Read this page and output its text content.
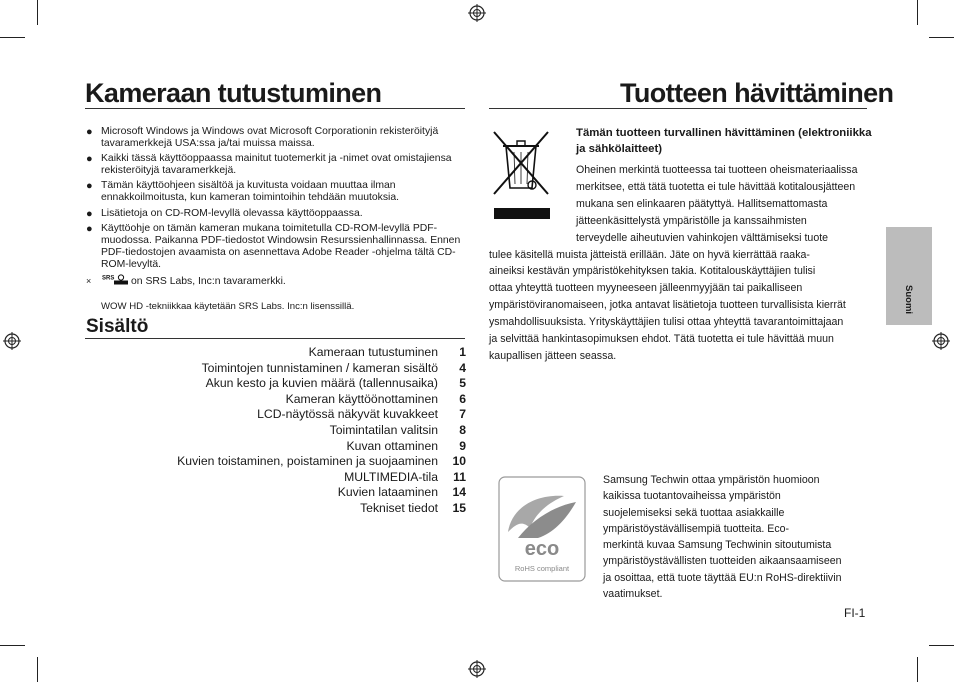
Kameraan tutustuminen
● Microsoft Windows ja Windows ovat Microsoft Corporationin rekisteröityjä tavaramerkkejä USA:ssa ja/tai muissa maissa.
● Kaikki tässä käyttöoppaassa mainitut tuotemerkit ja -nimet ovat omistajiensa rekisteröityjä tavaramerkkejä.
● Tämän käyttöohjeen sisältöä ja kuvitusta voidaan muuttaa ilman ennakkoilmoitusta, kun kameran toimintoihin tehdään muutoksia.
● Lisätietoja on CD-ROM-levyllä olevassa käyttöoppaassa.
● Käyttöohje on tämän kameran mukana toimitetulla CD-ROM-levyllä PDF-muodossa. Paikanna PDF-tiedostot Windowsin Resurssienhallinnassa. Ennen PDF-tiedostojen avaamista on asennettava Adobe Reader -ohjelma tältä CD-ROM-levyltä.
× SRS on SRS Labs, Inc:n tavaramerkki.
WOW HD -tekniikkaa käytetään SRS Labs. Inc:n lisenssillä.
Sisältö
Kameraan tutustuminen	1
Toimintojen tunnistaminen / kameran sisältö	4
Akun kesto ja kuvien määrä (tallennusaika)	5
Kameran käyttöönottaminen	6
LCD-näytössä näkyvät kuvakkeet	7
Toimintatilan valitsin	8
Kuvan ottaminen	9
Kuvien toistaminen, poistaminen ja suojaaminen	10
MULTIMEDIA-tila	11
Kuvien lataaminen	14
Tekniset tiedot	15
Tuotteen hävittäminen
Tämän tuotteen turvallinen hävittäminen (elektroniikka ja sähkölaitteet)
Oheinen merkintä tuotteessa tai tuotteen oheismateriaalissa
merkitsee, että tätä tuotetta ei tule hävittää kotitalousjätteen
mukana sen elinkaaren päätyttyä. Hallitsemattomasta
jätteenkäsittelystä ympäristölle ja kanssaihmisten
terveydelle aiheutuvien vahinkojen välttämiseksi tuote
tulee käsitellä muista jätteistä erillään. Jäte on hyvä kierrättää raaka-
aineiksi kestävän ympäristökehityksen takia. Kotitalouskäyttäjien tulisi
ottaa yhteyttä tuotteen myyneeseen jälleenmyyjään tai paikalliseen
ympäristöviranomaiseen, jotka antavat lisätietoja tuotteen turvallisista kierrät
ysmahdollisuuksista. Yrityskäyttäjien tulisi ottaa yhteyttä tavarantoimittajaan
ja selvittää hankintasopimuksen ehdot. Tätä tuotetta ei tule hävittää muun
kaupallisen jätteen seassa.
Suomi
eco
RoHS compliant
Samsung Techwin ottaa ympäristön huomioon
kaikissa tuotantovaiheissa ympäristön
suojelemiseksi sekä tuottaa asiakkaille
ympäristöystävällisempiä tuotteita. Eco-
merkintä kuvaa Samsung Techwinin sitoutumista
ympäristöystävällisten tuotteiden aikaansaamiseen
ja osoittaa, että tuote täyttää EU:n RoHS-direktiivin
vaatimukset.
FI-1
